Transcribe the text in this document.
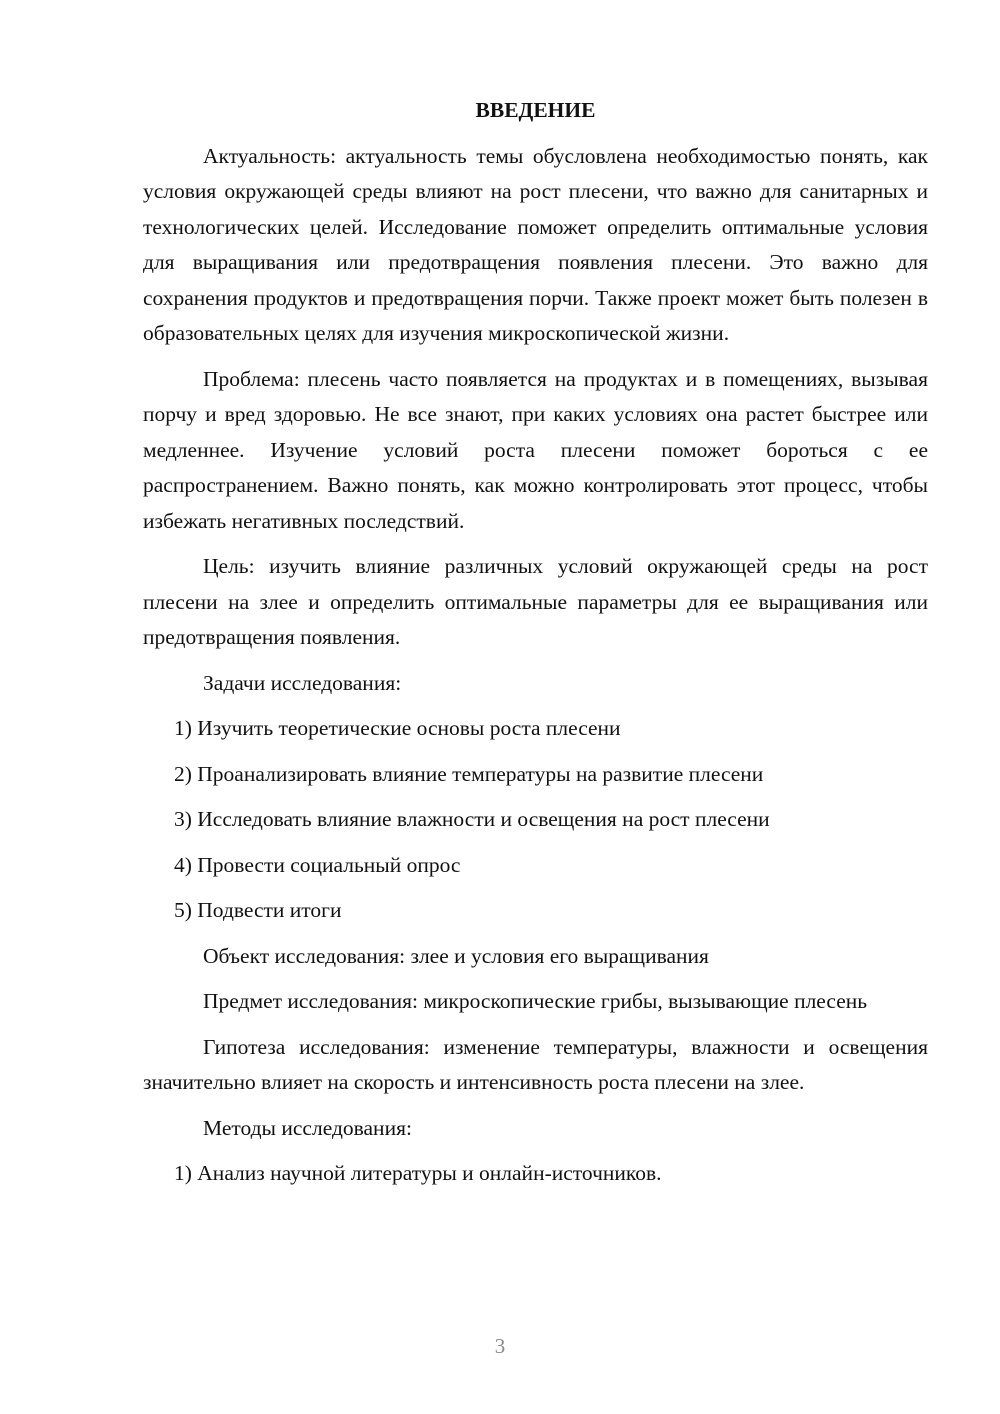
ВВЕДЕНИЕ

Актуальность: актуальность темы обусловлена необходимостью понять, как условия окружающей среды влияют на рост плесени, что важно для санитарных и технологических целей. Исследование поможет определить оптимальные условия для выращивания или предотвращения появления плесени. Это важно для сохранения продуктов и предотвращения порчи. Также проект может быть полезен в образовательных целях для изучения микроскопической жизни.

Проблема: плесень часто появляется на продуктах и в помещениях, вызывая порчу и вред здоровью. Не все знают, при каких условиях она растет быстрее или медленнее. Изучение условий роста плесени поможет бороться с ее распространением. Важно понять, как можно контролировать этот процесс, чтобы избежать негативных последствий.

Цель: изучить влияние различных условий окружающей среды на рост плесени на злее и определить оптимальные параметры для ее выращивания или предотвращения появления.

Задачи исследования:

1) Изучить теоретические основы роста плесени
2) Проанализировать влияние температуры на развитие плесени
3) Исследовать влияние влажности и освещения на рост плесени
4) Провести социальный опрос
5) Подвести итоги

Объект исследования: злее и условия его выращивания

Предмет исследования: микроскопические грибы, вызывающие плесень

Гипотеза исследования: изменение температуры, влажности и освещения значительно влияет на скорость и интенсивность роста плесени на злее.

Методы исследования:

1) Анализ научной литературы и онлайн-источников.
3
